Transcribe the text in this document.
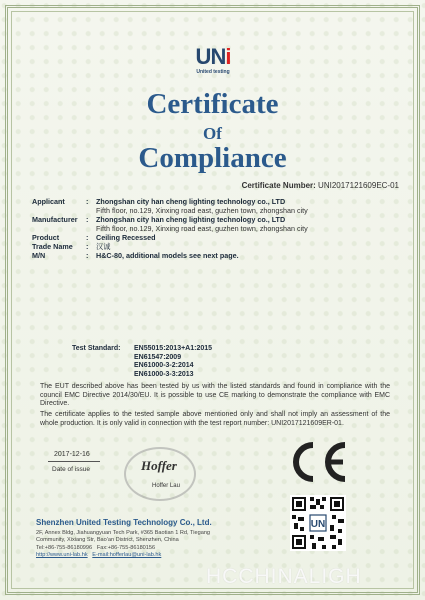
UNi
United testing
Certificate
Of
Compliance
Certificate Number: UNI2017121609EC-01
Applicant	:	Zhongshan city han cheng lighting technology co., LTD
Fifth floor, no.129, Xinxing road east, guzhen town, zhongshan city
Manufacturer	:	Zhongshan city han cheng lighting technology co., LTD
Fifth floor, no.129, Xinxing road east, guzhen town, zhongshan city
Product	:	Ceiling Recessed
Trade Name	:	汉诚
M/N	:	H&C-80, additional models see next page.
Test Standard:	EN55015:2013+A1:2015
EN61547:2009
EN61000-3-2:2014
EN61000-3-3:2013
The EUT described above has been tested by us with the listed standards and found in compliance with the council EMC Directive 2014/30/EU. It is possible to use CE marking to demonstrate the compliance with EMC Directive.
The certificate applies to the tested sample above mentioned only and shall not imply an assessment of the whole production. It is only valid in connection with the test report number: UNI2017121609ER-01.
2017-12-16
Date of issue	Hoffer
Hoffer Lau
UN
Shenzhen United Testing Technology Co., Ltd.
2F, Annex Bldg, Jiahuangyuan Tech Park, #365 Baotian 1 Rd, Tiegang
Community, Xixiang Str, Bao'an District, Shenzhen, China
Tel:+86-755-86180996 Fax:+86-755-86180156
http://www.uni-lab.hk E-mail:hofferlau@uni-lab.hk
HCCHINALIGH
